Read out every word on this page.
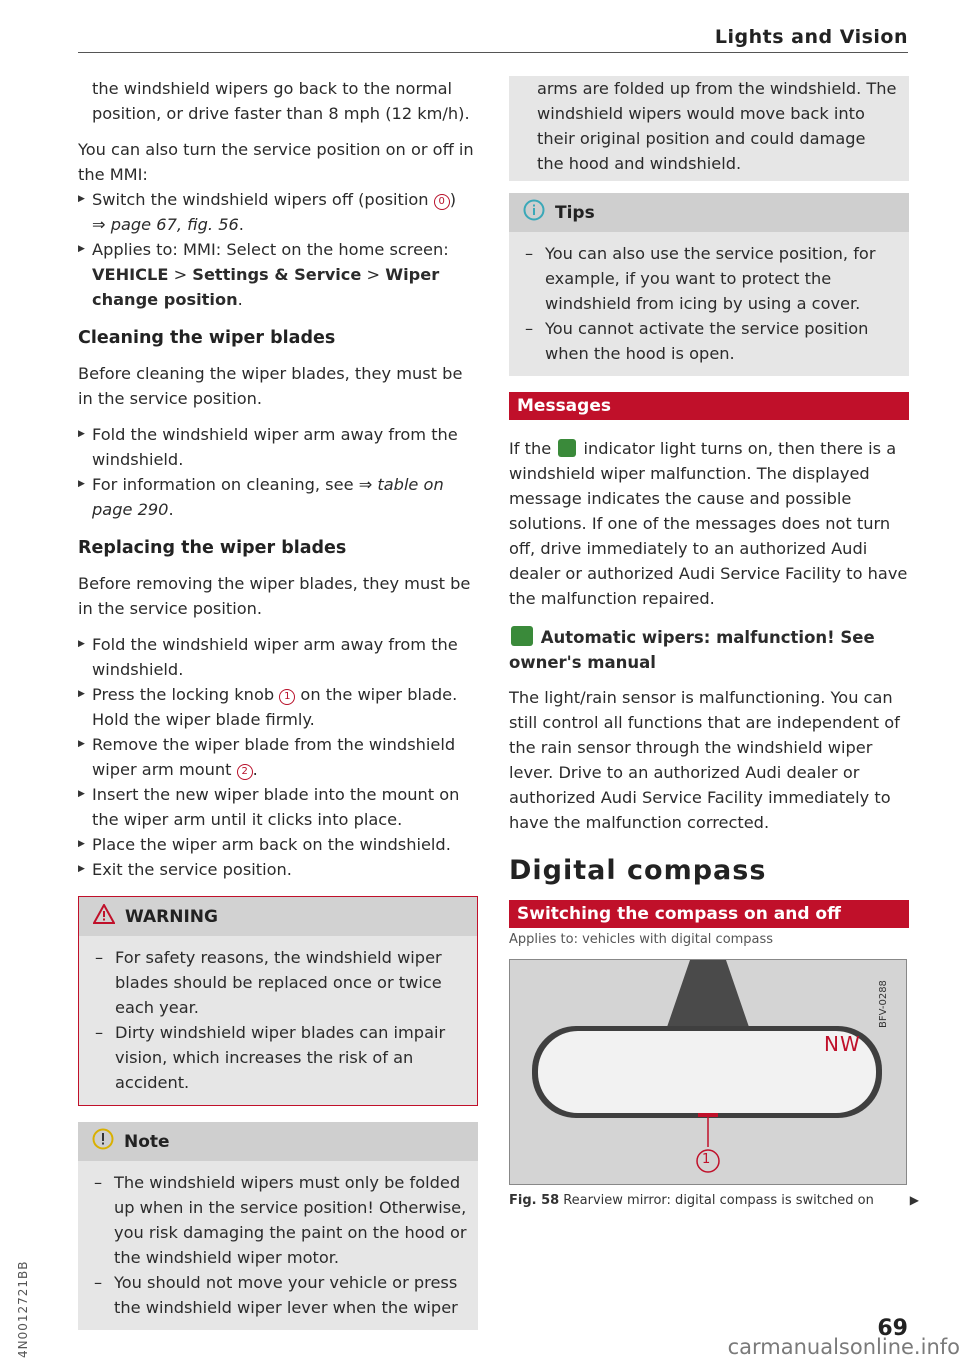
Lights and Vision

the windshield wipers go back to the normal position, or drive faster than 8 mph (12 km/h).

You can also turn the service position on or off in the MMI:

▶ Switch the windshield wipers off (position 0 )
⇒ page 67, fig. 56.
▶ Applies to: MMI: Select on the home screen: VEHICLE > Settings & Service > Wiper change position.
Cleaning the wiper blades

Before cleaning the wiper blades, they must be in the service position.

▶ Fold the windshield wiper arm away from the windshield.
▶ For information on cleaning, see ⇒ table on page 290.
Replacing the wiper blades

Before removing the wiper blades, they must be in the service position.

▶ Fold the windshield wiper arm away from the windshield.
▶ Press the locking knob 1 on the wiper blade. Hold the wiper blade firmly.
▶ Remove the wiper blade from the windshield wiper arm mount 2 .
▶ Insert the new wiper blade into the mount on the wiper arm until it clicks into place.
▶ Place the wiper arm back on the windshield.
▶ Exit the service position.
WARNING
– For safety reasons, the windshield wiper blades should be replaced once or twice each year.
– Dirty windshield wiper blades can impair vision, which increases the risk of an accident.
Note
– The windshield wipers must only be folded up when in the service position! Otherwise, you risk damaging the paint on the hood or the windshield wiper motor.
– You should not move your vehicle or press the windshield wiper lever when the wiper

arms are folded up from the windshield. The windshield wipers would move back into their original position and could damage the hood and windshield.

Tips
– You can also use the service position, for example, if you want to protect the windshield from icing by using a cover.
– You cannot activate the service position when the hood is open.
Messages

If the  indicator light turns on, then there is a windshield wiper malfunction. The displayed message indicates the cause and possible solutions. If one of the messages does not turn off, drive immediately to an authorized Audi dealer or authorized Audi Service Facility to have the malfunction repaired.

Automatic wipers: malfunction! See owner's manual

The light/rain sensor is malfunctioning. You can still control all functions that are independent of the rain sensor through the windshield wiper lever. Drive to an authorized Audi dealer or authorized Audi Service Facility immediately to have the malfunction corrected.

Digital compass
Switching the compass on and off
Applies to: vehicles with digital compass
NW
1
BFV-0288
Fig. 58 Rearview mirror: digital compass is switched on	▶
4N0012721BB	69
carmanualsonline.info
